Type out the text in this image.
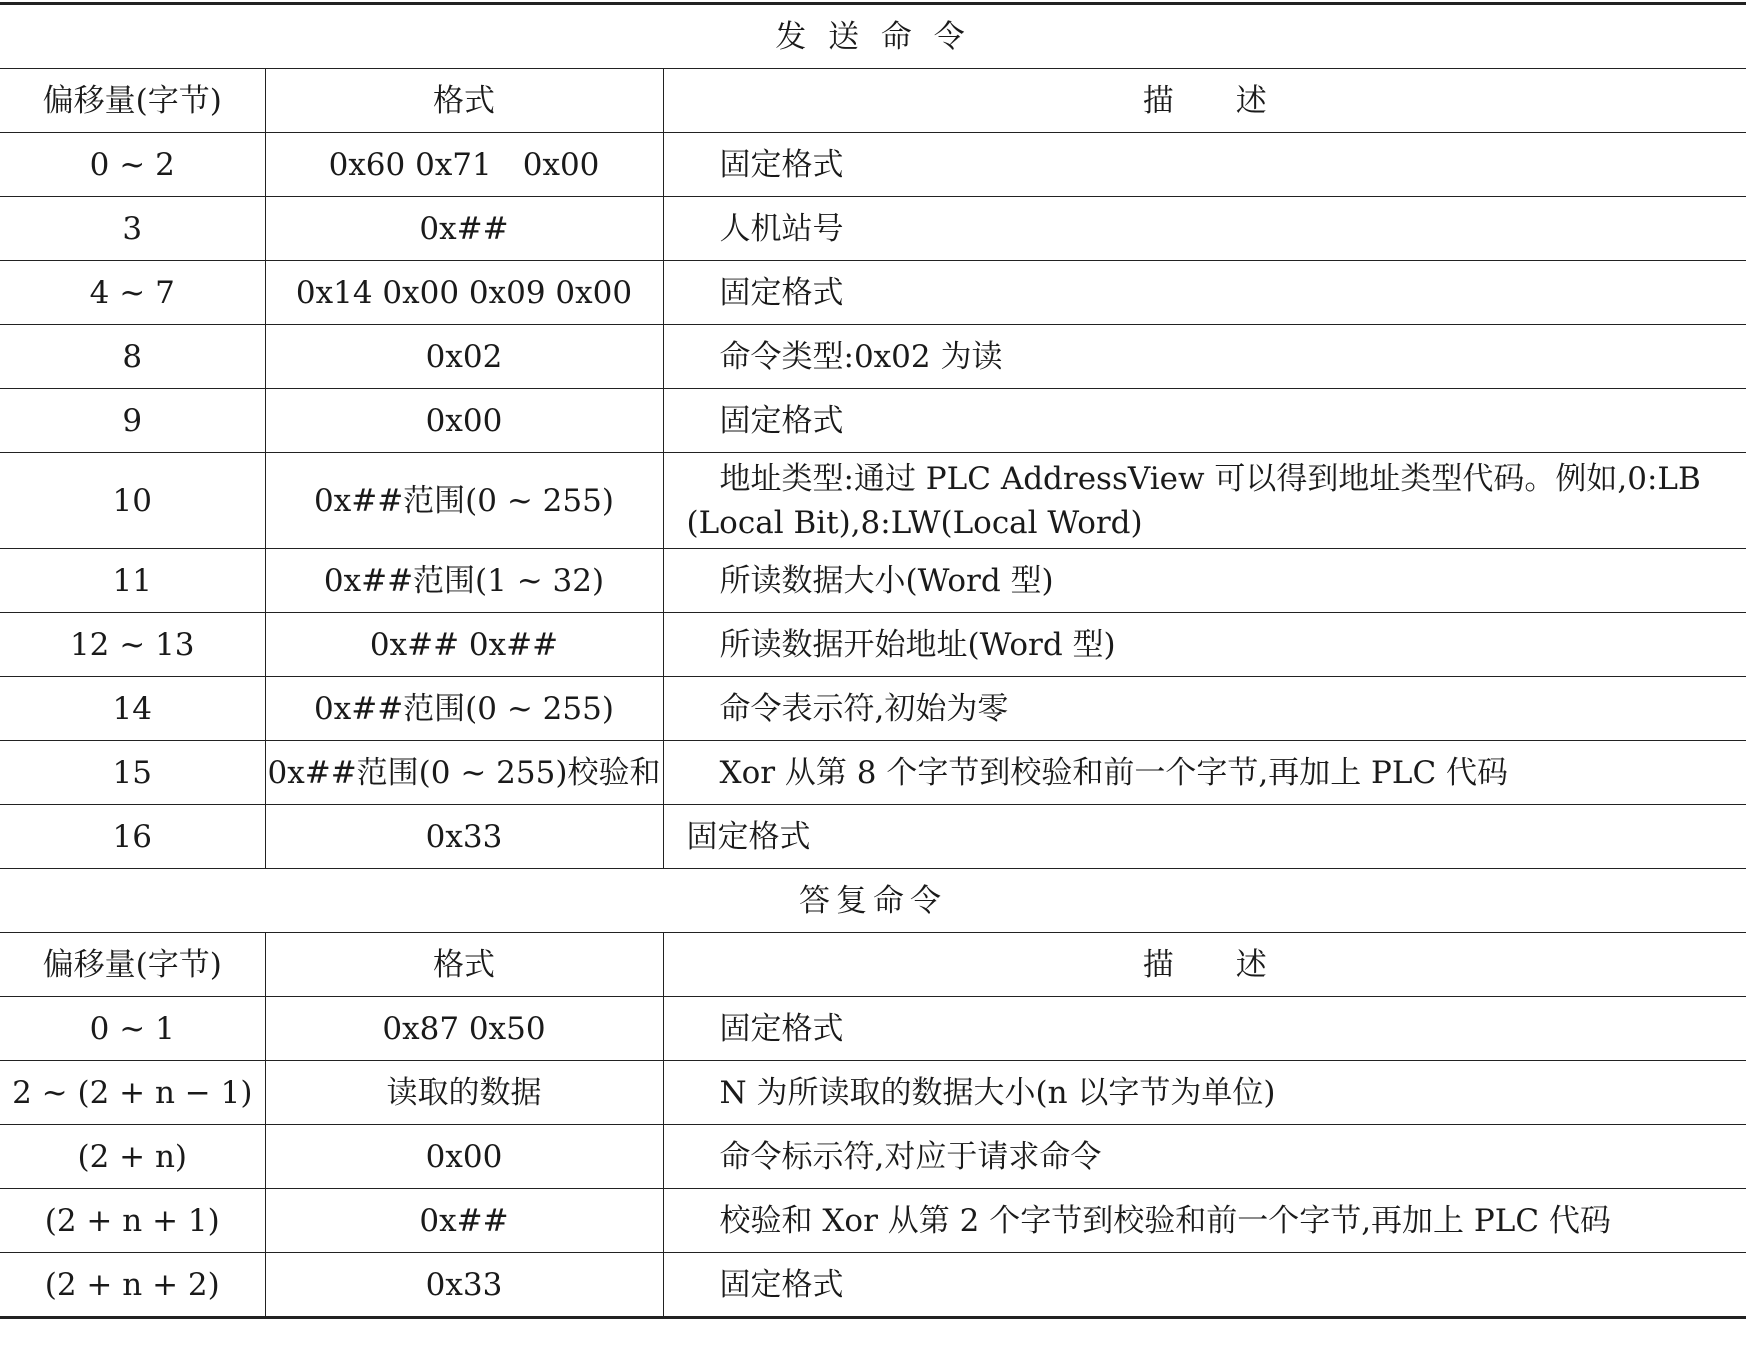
发 送 命 令		
偏移量(字节)	格式	描　　述
0 ~ 2	0x60 0x71　0x00	固定格式
3	0x##	人机站号
4 ~ 7	0x14 0x00 0x09 0x00	固定格式
8	0x02	命令类型:0x02 为读
9	0x00	固定格式
10	0x##范围(0 ~ 255)	地址类型:通过 PLC AddressView 可以得到地址类型代码。例如,0:LB (Local Bit),8:LW(Local Word)
11	0x##范围(1 ~ 32)	所读数据大小(Word 型)
12 ~ 13	0x## 0x##	所读数据开始地址(Word 型)
14	0x##范围(0 ~ 255)	命令表示符,初始为零
15	0x##范围(0 ~ 255)校验和	Xor 从第 8 个字节到校验和前一个字节,再加上 PLC 代码
16	0x33	固定格式
答复命令		
偏移量(字节)	格式	描　　述
0 ~ 1	0x87 0x50	固定格式
2 ~ (2 + n − 1)	读取的数据	N 为所读取的数据大小(n 以字节为单位)
(2 + n)	0x00	命令标示符,对应于请求命令
(2 + n + 1)	0x##	校验和 Xor 从第 2 个字节到校验和前一个字节,再加上 PLC 代码
(2 + n + 2)	0x33	固定格式
